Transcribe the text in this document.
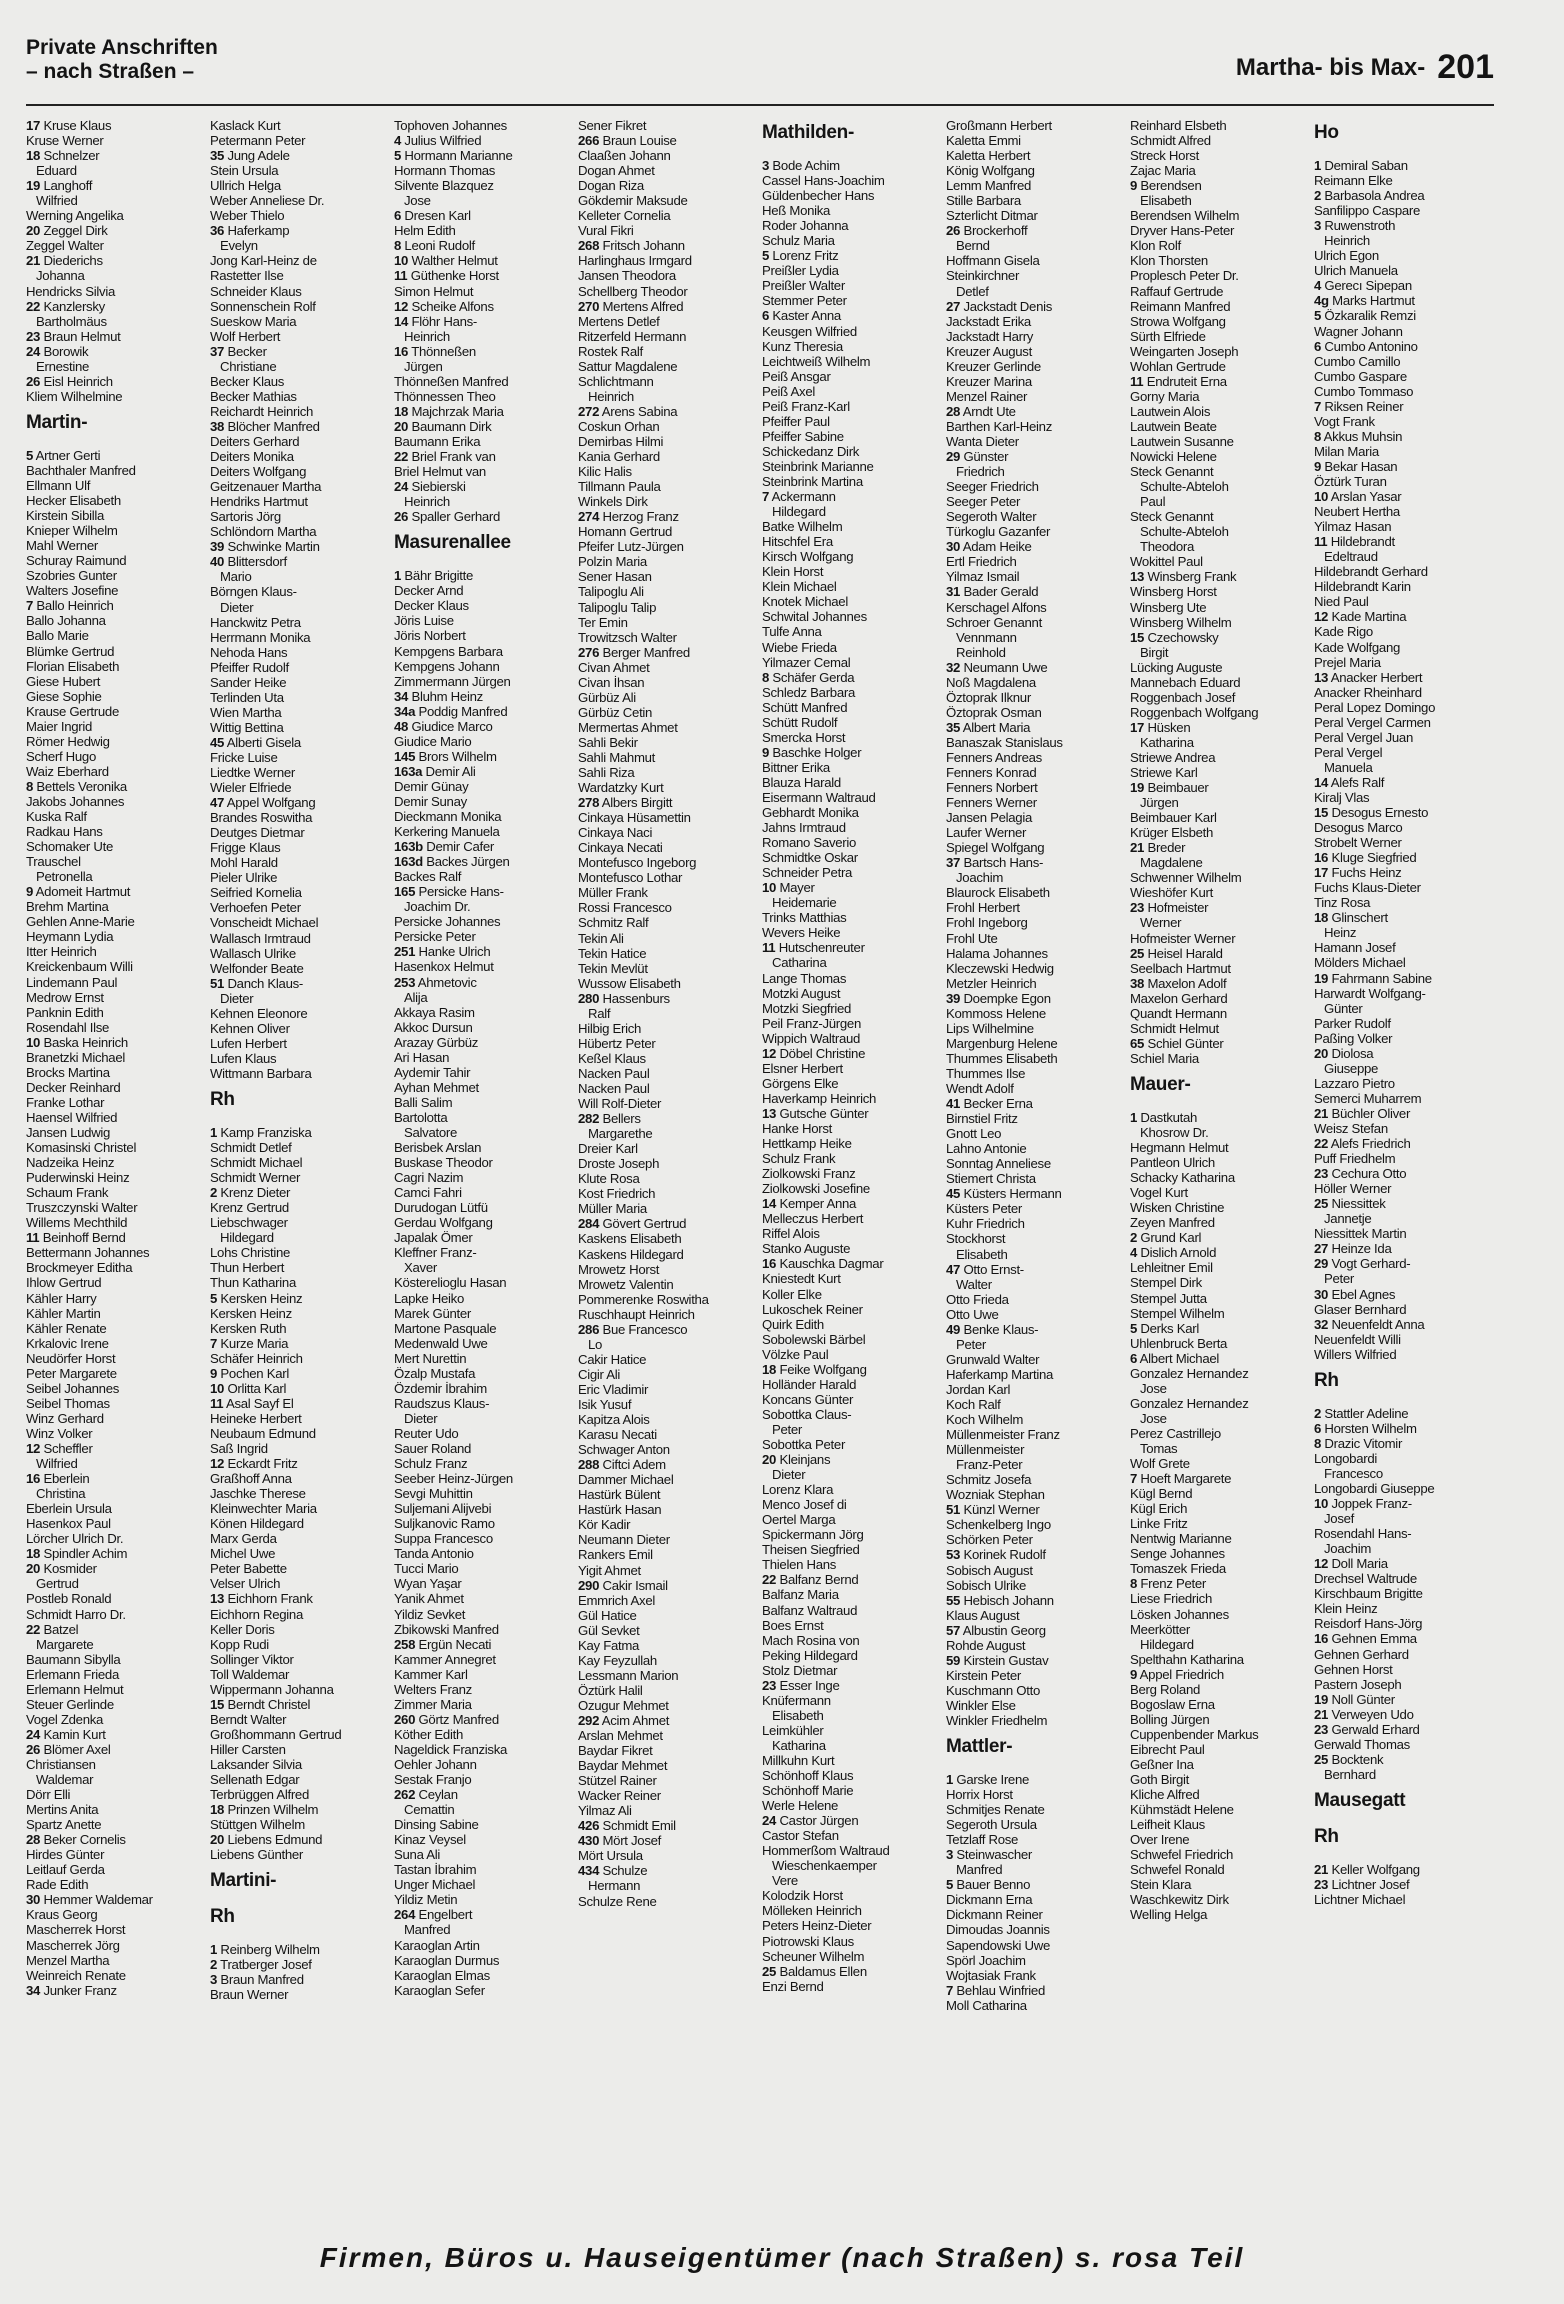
Private Anschriften
– nach Straßen –	Martha- bis Max- 201
17 Kruse Klaus
Kruse Werner
18 Schnelzer
Eduard
19 Langhoff
Wilfried
Werning Angelika
20 Zeggel Dirk
Zeggel Walter
21 Diederichs
Johanna
Hendricks Silvia
22 Kanzlersky
Bartholmäus
23 Braun Helmut
24 Borowik
Ernestine
26 Eisl Heinrich
Kliem Wilhelmine
Martin-
5 Artner Gerti
Bachthaler Manfred
Ellmann Ulf
Hecker Elisabeth
Kirstein Sibilla
Knieper Wilhelm
Mahl Werner
Schuray Raimund
Szobries Gunter
Walters Josefine
7 Ballo Heinrich
Ballo Johanna
Ballo Marie
Blümke Gertrud
Florian Elisabeth
Giese Hubert
Giese Sophie
Krause Gertrude
Maier Ingrid
Römer Hedwig
Scherf Hugo
Waiz Eberhard
8 Bettels Veronika
Jakobs Johannes
Kuska Ralf
Radkau Hans
Schomaker Ute
Trauschel
Petronella
9 Adomeit Hartmut
Brehm Martina
Gehlen Anne-Marie
Heymann Lydia
Itter Heinrich
Kreickenbaum Willi
Lindemann Paul
Medrow Ernst
Panknin Edith
Rosendahl Ilse
10 Baska Heinrich
Branetzki Michael
Brocks Martina
Decker Reinhard
Franke Lothar
Haensel Wilfried
Jansen Ludwig
Komasinski Christel
Nadzeika Heinz
Puderwinski Heinz
Schaum Frank
Truszczynski Walter
Willems Mechthild
11 Beinhoff Bernd
Bettermann Johannes
Brockmeyer Editha
Ihlow Gertrud
Kähler Harry
Kähler Martin
Kähler Renate
Krkalovic Irene
Neudörfer Horst
Peter Margarete
Seibel Johannes
Seibel Thomas
Winz Gerhard
Winz Volker
12 Scheffler
Wilfried
16 Eberlein
Christina
Eberlein Ursula
Hasenkox Paul
Lörcher Ulrich Dr.
18 Spindler Achim
20 Kosmider
Gertrud
Postleb Ronald
Schmidt Harro Dr.
22 Batzel
Margarete
Baumann Sibylla
Erlemann Frieda
Erlemann Helmut
Steuer Gerlinde
Vogel Zdenka
24 Kamin Kurt
26 Blömer Axel
Christiansen
Waldemar
Dörr Elli
Mertins Anita
Spartz Anette
28 Beker Cornelis
Hirdes Günter
Leitlauf Gerda
Rade Edith
30 Hemmer Waldemar
Kraus Georg
Mascherrek Horst
Mascherrek Jörg
Menzel Martha
Weinreich Renate
34 Junker Franz
Kaslack Kurt
Petermann Peter
35 Jung Adele
Stein Ursula
Ullrich Helga
Weber Anneliese Dr.
Weber Thielo
36 Haferkamp
Evelyn
Jong Karl-Heinz de
Rastetter Ilse
Schneider Klaus
Sonnenschein Rolf
Sueskow Maria
Wolf Herbert
37 Becker
Christiane
Becker Klaus
Becker Mathias
Reichardt Heinrich
38 Blöcher Manfred
Deiters Gerhard
Deiters Monika
Deiters Wolfgang
Geitzenauer Martha
Hendriks Hartmut
Sartoris Jörg
Schlöndorn Martha
39 Schwinke Martin
40 Blittersdorf
Mario
Börngen Klaus-
Dieter
Hanckwitz Petra
Herrmann Monika
Nehoda Hans
Pfeiffer Rudolf
Sander Heike
Terlinden Uta
Wien Martha
Wittig Bettina
45 Alberti Gisela
Fricke Luise
Liedtke Werner
Wieler Elfriede
47 Appel Wolfgang
Brandes Roswitha
Deutges Dietmar
Frigge Klaus
Mohl Harald
Pieler Ulrike
Seifried Kornelia
Verhoefen Peter
Vonscheidt Michael
Wallasch Irmtraud
Wallasch Ulrike
Welfonder Beate
51 Danch Klaus-
Dieter
Kehnen Eleonore
Kehnen Oliver
Lufen Herbert
Lufen Klaus
Wittmann Barbara
Rh
1 Kamp Franziska
Schmidt Detlef
Schmidt Michael
Schmidt Werner
2 Krenz Dieter
Krenz Gertrud
Liebschwager
Hildegard
Lohs Christine
Thun Herbert
Thun Katharina
5 Kersken Heinz
Kersken Heinz
Kersken Ruth
7 Kurze Maria
Schäfer Heinrich
9 Pochen Karl
10 Orlitta Karl
11 Asal Sayf El
Heineke Herbert
Neubaum Edmund
Saß Ingrid
12 Eckardt Fritz
Graßhoff Anna
Jaschke Therese
Kleinwechter Maria
Könen Hildegard
Marx Gerda
Michel Uwe
Peter Babette
Velser Ulrich
13 Eichhorn Frank
Eichhorn Regina
Keller Doris
Kopp Rudi
Sollinger Viktor
Toll Waldemar
Wippermann Johanna
15 Berndt Christel
Berndt Walter
Großhommann Gertrud
Hiller Carsten
Laksander Silvia
Sellenath Edgar
Terbrüggen Alfred
18 Prinzen Wilhelm
Stüttgen Wilhelm
20 Liebens Edmund
Liebens Günther
Martini-
Rh
1 Reinberg Wilhelm
2 Tratberger Josef
3 Braun Manfred
Braun Werner
Tophoven Johannes
4 Julius Wilfried
5 Hormann Marianne
Hormann Thomas
Silvente Blazquez
Jose
6 Dresen Karl
Helm Edith
8 Leoni Rudolf
10 Walther Helmut
11 Güthenke Horst
Simon Helmut
12 Scheike Alfons
14 Flöhr Hans-
Heinrich
16 Thönneßen
Jürgen
Thönneßen Manfred
Thönnessen Theo
18 Majchrzak Maria
20 Baumann Dirk
Baumann Erika
22 Briel Frank van
Briel Helmut van
24 Siebierski
Heinrich
26 Spaller Gerhard
Masurenallee
1 Bähr Brigitte
Decker Arnd
Decker Klaus
Jöris Luise
Jöris Norbert
Kempgens Barbara
Kempgens Johann
Zimmermann Jürgen
34 Bluhm Heinz
34a Poddig Manfred
48 Giudice Marco
Giudice Mario
145 Brors Wilhelm
163a Demir Ali
Demir Günay
Demir Sunay
Dieckmann Monika
Kerkering Manuela
163b Demir Cafer
163d Backes Jürgen
Backes Ralf
165 Persicke Hans-
Joachim Dr.
Persicke Johannes
Persicke Peter
251 Hanke Ulrich
Hasenkox Helmut
253 Ahmetovic
Alija
Akkaya Rasim
Akkoc Dursun
Arazay Gürbüz
Ari Hasan
Aydemir Tahir
Ayhan Mehmet
Balli Salim
Bartolotta
Salvatore
Berisbek Arslan
Buskase Theodor
Cagri Nazim
Camci Fahri
Durudogan Lütfü
Gerdau Wolfgang
Japalak Ömer
Kleffner Franz-
Xaver
Kösterelioglu Hasan
Lapke Heiko
Marek Günter
Martone Pasquale
Medenwald Uwe
Mert Nurettin
Özalp Mustafa
Özdemir İbrahim
Raudszus Klaus-
Dieter
Reuter Udo
Sauer Roland
Schulz Franz
Seeber Heinz-Jürgen
Sevgi Muhittin
Suljemani Alijvebi
Suljkanovic Ramo
Suppa Francesco
Tanda Antonio
Tucci Mario
Wyan Yaşar
Yanik Ahmet
Yildiz Sevket
Zbikowski Manfred
258 Ergün Necati
Kammer Annegret
Kammer Karl
Welters Franz
Zimmer Maria
260 Görtz Manfred
Köther Edith
Nageldick Franziska
Oehler Johann
Sestak Franjo
262 Ceylan
Cemattin
Dinsing Sabine
Kinaz Veysel
Suna Ali
Tastan İbrahim
Unger Michael
Yildiz Metin
264 Engelbert
Manfred
Karaoglan Artin
Karaoglan Durmus
Karaoglan Elmas
Karaoglan Sefer
Sener Fikret
266 Braun Louise
Claaßen Johann
Dogan Ahmet
Dogan Riza
Gökdemir Maksude
Kelleter Cornelia
Vural Fikri
268 Fritsch Johann
Harlinghaus Irmgard
Jansen Theodora
Schellberg Theodor
270 Mertens Alfred
Mertens Detlef
Ritzerfeld Hermann
Rostek Ralf
Sattur Magdalene
Schlichtmann
Heinrich
272 Arens Sabina
Coskun Orhan
Demirbas Hilmi
Kania Gerhard
Kilic Halis
Tillmann Paula
Winkels Dirk
274 Herzog Franz
Homann Gertrud
Pfeifer Lutz-Jürgen
Polzin Maria
Sener Hasan
Talipoglu Ali
Talipoglu Talip
Ter Emin
Trowitzsch Walter
276 Berger Manfred
Civan Ahmet
Civan İhsan
Gürbüz Ali
Gürbüz Cetin
Mermertas Ahmet
Sahli Bekir
Sahli Mahmut
Sahli Riza
Wardatzky Kurt
278 Albers Birgitt
Cinkaya Hüsamettin
Cinkaya Naci
Cinkaya Necati
Montefusco Ingeborg
Montefusco Lothar
Müller Frank
Rossi Francesco
Schmitz Ralf
Tekin Ali
Tekin Hatice
Tekin Mevlüt
Wussow Elisabeth
280 Hassenburs
Ralf
Hilbig Erich
Hübertz Peter
Keßel Klaus
Nacken Paul
Nacken Paul
Will Rolf-Dieter
282 Bellers
Margarethe
Dreier Karl
Droste Joseph
Klute Rosa
Kost Friedrich
Müller Maria
284 Gövert Gertrud
Kaskens Elisabeth
Kaskens Hildegard
Mrowetz Horst
Mrowetz Valentin
Pommerenke Roswitha
Ruschhaupt Heinrich
286 Bue Francesco
Lo
Cakir Hatice
Cigir Ali
Eric Vladimir
Isik Yusuf
Kapitza Alois
Karasu Necati
Schwager Anton
288 Ciftci Adem
Dammer Michael
Hastürk Bülent
Hastürk Hasan
Kör Kadir
Neumann Dieter
Rankers Emil
Yigit Ahmet
290 Cakir Ismail
Emmrich Axel
Gül Hatice
Gül Sevket
Kay Fatma
Kay Feyzullah
Lessmann Marion
Öztürk Halil
Ozugur Mehmet
292 Acim Ahmet
Arslan Mehmet
Baydar Fikret
Baydar Mehmet
Stützel Rainer
Wacker Reiner
Yilmaz Ali
426 Schmidt Emil
430 Mört Josef
Mört Ursula
434 Schulze
Hermann
Schulze Rene
Mathilden-
3 Bode Achim
Cassel Hans-Joachim
Güldenbecher Hans
Heß Monika
Roder Johanna
Schulz Maria
5 Lorenz Fritz
Preißler Lydia
Preißler Walter
Stemmer Peter
6 Kaster Anna
Keusgen Wilfried
Kunz Theresia
Leichtweiß Wilhelm
Peiß Ansgar
Peiß Axel
Peiß Franz-Karl
Pfeiffer Paul
Pfeiffer Sabine
Schickedanz Dirk
Steinbrink Marianne
Steinbrink Martina
7 Ackermann
Hildegard
Batke Wilhelm
Hitschfel Era
Kirsch Wolfgang
Klein Horst
Klein Michael
Knotek Michael
Schwital Johannes
Tulfe Anna
Wiebe Frieda
Yilmazer Cemal
8 Schäfer Gerda
Schledz Barbara
Schütt Manfred
Schütt Rudolf
Smercka Horst
9 Baschke Holger
Bittner Erika
Blauza Harald
Eisermann Waltraud
Gebhardt Monika
Jahns Irmtraud
Romano Saverio
Schmidtke Oskar
Schneider Petra
10 Mayer
Heidemarie
Trinks Matthias
Wevers Heike
11 Hutschenreuter
Catharina
Lange Thomas
Motzki August
Motzki Siegfried
Peil Franz-Jürgen
Wippich Waltraud
12 Döbel Christine
Elsner Herbert
Görgens Elke
Haverkamp Heinrich
13 Gutsche Günter
Hanke Horst
Hettkamp Heike
Schulz Frank
Ziolkowski Franz
Ziolkowski Josefine
14 Kemper Anna
Melleczus Herbert
Riffel Alois
Stanko Auguste
16 Kauschka Dagmar
Kniestedt Kurt
Koller Elke
Lukoschek Reiner
Quirk Edith
Sobolewski Bärbel
Völzke Paul
18 Feike Wolfgang
Holländer Harald
Koncans Günter
Sobottka Claus-
Peter
Sobottka Peter
20 Kleinjans
Dieter
Lorenz Klara
Menco Josef di
Oertel Marga
Spickermann Jörg
Theisen Siegfried
Thielen Hans
22 Balfanz Bernd
Balfanz Maria
Balfanz Waltraud
Boes Ernst
Mach Rosina von
Peking Hildegard
Stolz Dietmar
23 Esser Inge
Knüfermann
Elisabeth
Leimkühler
Katharina
Millkuhn Kurt
Schönhoff Klaus
Schönhoff Marie
Werle Helene
24 Castor Jürgen
Castor Stefan
Hommerßom Waltraud
Wieschenkaemper
Vere
Kolodzik Horst
Mölleken Heinrich
Peters Heinz-Dieter
Piotrowski Klaus
Scheuner Wilhelm
25 Baldamus Ellen
Enzi Bernd
Großmann Herbert
Kaletta Emmi
Kaletta Herbert
König Wolfgang
Lemm Manfred
Stille Barbara
Szterlicht Ditmar
26 Brockerhoff
Bernd
Hoffmann Gisela
Steinkirchner
Detlef
27 Jackstadt Denis
Jackstadt Erika
Jackstadt Harry
Kreuzer August
Kreuzer Gerlinde
Kreuzer Marina
Menzel Rainer
28 Arndt Ute
Barthen Karl-Heinz
Wanta Dieter
29 Günster
Friedrich
Seeger Friedrich
Seeger Peter
Segeroth Walter
Türkoglu Gazanfer
30 Adam Heike
Ertl Friedrich
Yilmaz Ismail
31 Bader Gerald
Kerschagel Alfons
Schroer Genannt
Vennmann
Reinhold
32 Neumann Uwe
Noß Magdalena
Öztoprak Ilknur
Öztoprak Osman
35 Albert Maria
Banaszak Stanislaus
Fenners Andreas
Fenners Konrad
Fenners Norbert
Fenners Werner
Jansen Pelagia
Laufer Werner
Spiegel Wolfgang
37 Bartsch Hans-
Joachim
Blaurock Elisabeth
Frohl Herbert
Frohl Ingeborg
Frohl Ute
Halama Johannes
Kleczewski Hedwig
Metzler Heinrich
39 Doempke Egon
Kommoss Helene
Lips Wilhelmine
Margenburg Helene
Thummes Elisabeth
Thummes Ilse
Wendt Adolf
41 Becker Erna
Birnstiel Fritz
Gnott Leo
Lahno Antonie
Sonntag Anneliese
Stiemert Christa
45 Küsters Hermann
Küsters Peter
Kuhr Friedrich
Stockhorst
Elisabeth
47 Otto Ernst-
Walter
Otto Frieda
Otto Uwe
49 Benke Klaus-
Peter
Grunwald Walter
Haferkamp Martina
Jordan Karl
Koch Ralf
Koch Wilhelm
Müllenmeister Franz
Müllenmeister
Franz-Peter
Schmitz Josefa
Wozniak Stephan
51 Künzl Werner
Schenkelberg Ingo
Schörken Peter
53 Korinek Rudolf
Sobisch August
Sobisch Ulrike
55 Hebisch Johann
Klaus August
57 Albustin Georg
Rohde August
59 Kirstein Gustav
Kirstein Peter
Kuschmann Otto
Winkler Else
Winkler Friedhelm
Mattler-
1 Garske Irene
Horrix Horst
Schmitjes Renate
Segeroth Ursula
Tetzlaff Rose
3 Steinwascher
Manfred
5 Bauer Benno
Dickmann Erna
Dickmann Reiner
Dimoudas Joannis
Sapendowski Uwe
Spörl Joachim
Wojtasiak Frank
7 Behlau Winfried
Moll Catharina
Reinhard Elsbeth
Schmidt Alfred
Streck Horst
Zajac Maria
9 Berendsen
Elisabeth
Berendsen Wilhelm
Dryver Hans-Peter
Klon Rolf
Klon Thorsten
Proplesch Peter Dr.
Raffauf Gertrude
Reimann Manfred
Strowa Wolfgang
Sürth Elfriede
Weingarten Joseph
Wohlan Gertrude
11 Endruteit Erna
Gorny Maria
Lautwein Alois
Lautwein Beate
Lautwein Susanne
Nowicki Helene
Steck Genannt
Schulte-Abteloh
Paul
Steck Genannt
Schulte-Abteloh
Theodora
Wokittel Paul
13 Winsberg Frank
Winsberg Horst
Winsberg Ute
Winsberg Wilhelm
15 Czechowsky
Birgit
Lücking Auguste
Mannebach Eduard
Roggenbach Josef
Roggenbach Wolfgang
17 Hüsken
Katharina
Striewe Andrea
Striewe Karl
19 Beimbauer
Jürgen
Beimbauer Karl
Krüger Elsbeth
21 Breder
Magdalene
Schwenner Wilhelm
Wieshöfer Kurt
23 Hofmeister
Werner
Hofmeister Werner
25 Heisel Harald
Seelbach Hartmut
38 Maxelon Adolf
Maxelon Gerhard
Quandt Hermann
Schmidt Helmut
65 Schiel Günter
Schiel Maria
Mauer-
1 Dastkutah
Khosrow Dr.
Hegmann Helmut
Pantleon Ulrich
Schacky Katharina
Vogel Kurt
Wisken Christine
Zeyen Manfred
2 Grund Karl
4 Dislich Arnold
Lehleitner Emil
Stempel Dirk
Stempel Jutta
Stempel Wilhelm
5 Derks Karl
Uhlenbruck Berta
6 Albert Michael
Gonzalez Hernandez
Jose
Gonzalez Hernandez
Jose
Perez Castrillejo
Tomas
Wolf Grete
7 Hoeft Margarete
Kügl Bernd
Kügl Erich
Linke Fritz
Nentwig Marianne
Senge Johannes
Tomaszek Frieda
8 Frenz Peter
Liese Friedrich
Lösken Johannes
Meerkötter
Hildegard
Spelthahn Katharina
9 Appel Friedrich
Berg Roland
Bogoslaw Erna
Bolling Jürgen
Cuppenbender Markus
Eibrecht Paul
Geßner Ina
Goth Birgit
Kliche Alfred
Kühmstädt Helene
Leifheit Klaus
Over Irene
Schwefel Friedrich
Schwefel Ronald
Stein Klara
Waschkewitz Dirk
Welling Helga
Ho
1 Demiral Saban
Reimann Elke
2 Barbasola Andrea
Sanfilippo Caspare
3 Ruwenstroth
Heinrich
Ulrich Egon
Ulrich Manuela
4 Gerecı Sipepan
4g Marks Hartmut
5 Özkaralik Remzi
Wagner Johann
6 Cumbo Antonino
Cumbo Camillo
Cumbo Gaspare
Cumbo Tommaso
7 Riksen Reiner
Vogt Frank
8 Akkus Muhsin
Milan Maria
9 Bekar Hasan
Öztürk Turan
10 Arslan Yasar
Neubert Hertha
Yilmaz Hasan
11 Hildebrandt
Edeltraud
Hildebrandt Gerhard
Hildebrandt Karin
Nied Paul
12 Kade Martina
Kade Rigo
Kade Wolfgang
Prejel Maria
13 Anacker Herbert
Anacker Rheinhard
Peral Lopez Domingo
Peral Vergel Carmen
Peral Vergel Juan
Peral Vergel
Manuela
14 Alefs Ralf
Kiralj Vlas
15 Desogus Ernesto
Desogus Marco
Strobelt Werner
16 Kluge Siegfried
17 Fuchs Heinz
Fuchs Klaus-Dieter
Tinz Rosa
18 Glinschert
Heinz
Hamann Josef
Mölders Michael
19 Fahrmann Sabine
Harwardt Wolfgang-
Günter
Parker Rudolf
Paßing Volker
20 Diolosa
Giuseppe
Lazzaro Pietro
Semerci Muharrem
21 Büchler Oliver
Weisz Stefan
22 Alefs Friedrich
Puff Friedhelm
23 Cechura Otto
Höller Werner
25 Niessittek
Jannetje
Niessittek Martin
27 Heinze Ida
29 Vogt Gerhard-
Peter
30 Ebel Agnes
Glaser Bernhard
32 Neuenfeldt Anna
Neuenfeldt Willi
Willers Wilfried
Rh
2 Stattler Adeline
6 Horsten Wilhelm
8 Drazic Vitomir
Longobardi
Francesco
Longobardi Giuseppe
10 Joppek Franz-
Josef
Rosendahl Hans-
Joachim
12 Doll Maria
Drechsel Waltrude
Kirschbaum Brigitte
Klein Heinz
Reisdorf Hans-Jörg
16 Gehnen Emma
Gehnen Gerhard
Gehnen Horst
Pastern Joseph
19 Noll Günter
21 Verweyen Udo
23 Gerwald Erhard
Gerwald Thomas
25 Bocktenk
Bernhard
Mausegatt
Rh
21 Keller Wolfgang
23 Lichtner Josef
Lichtner Michael
Firmen, Büros u. Hauseigentümer (nach Straßen) s. rosa Teil
